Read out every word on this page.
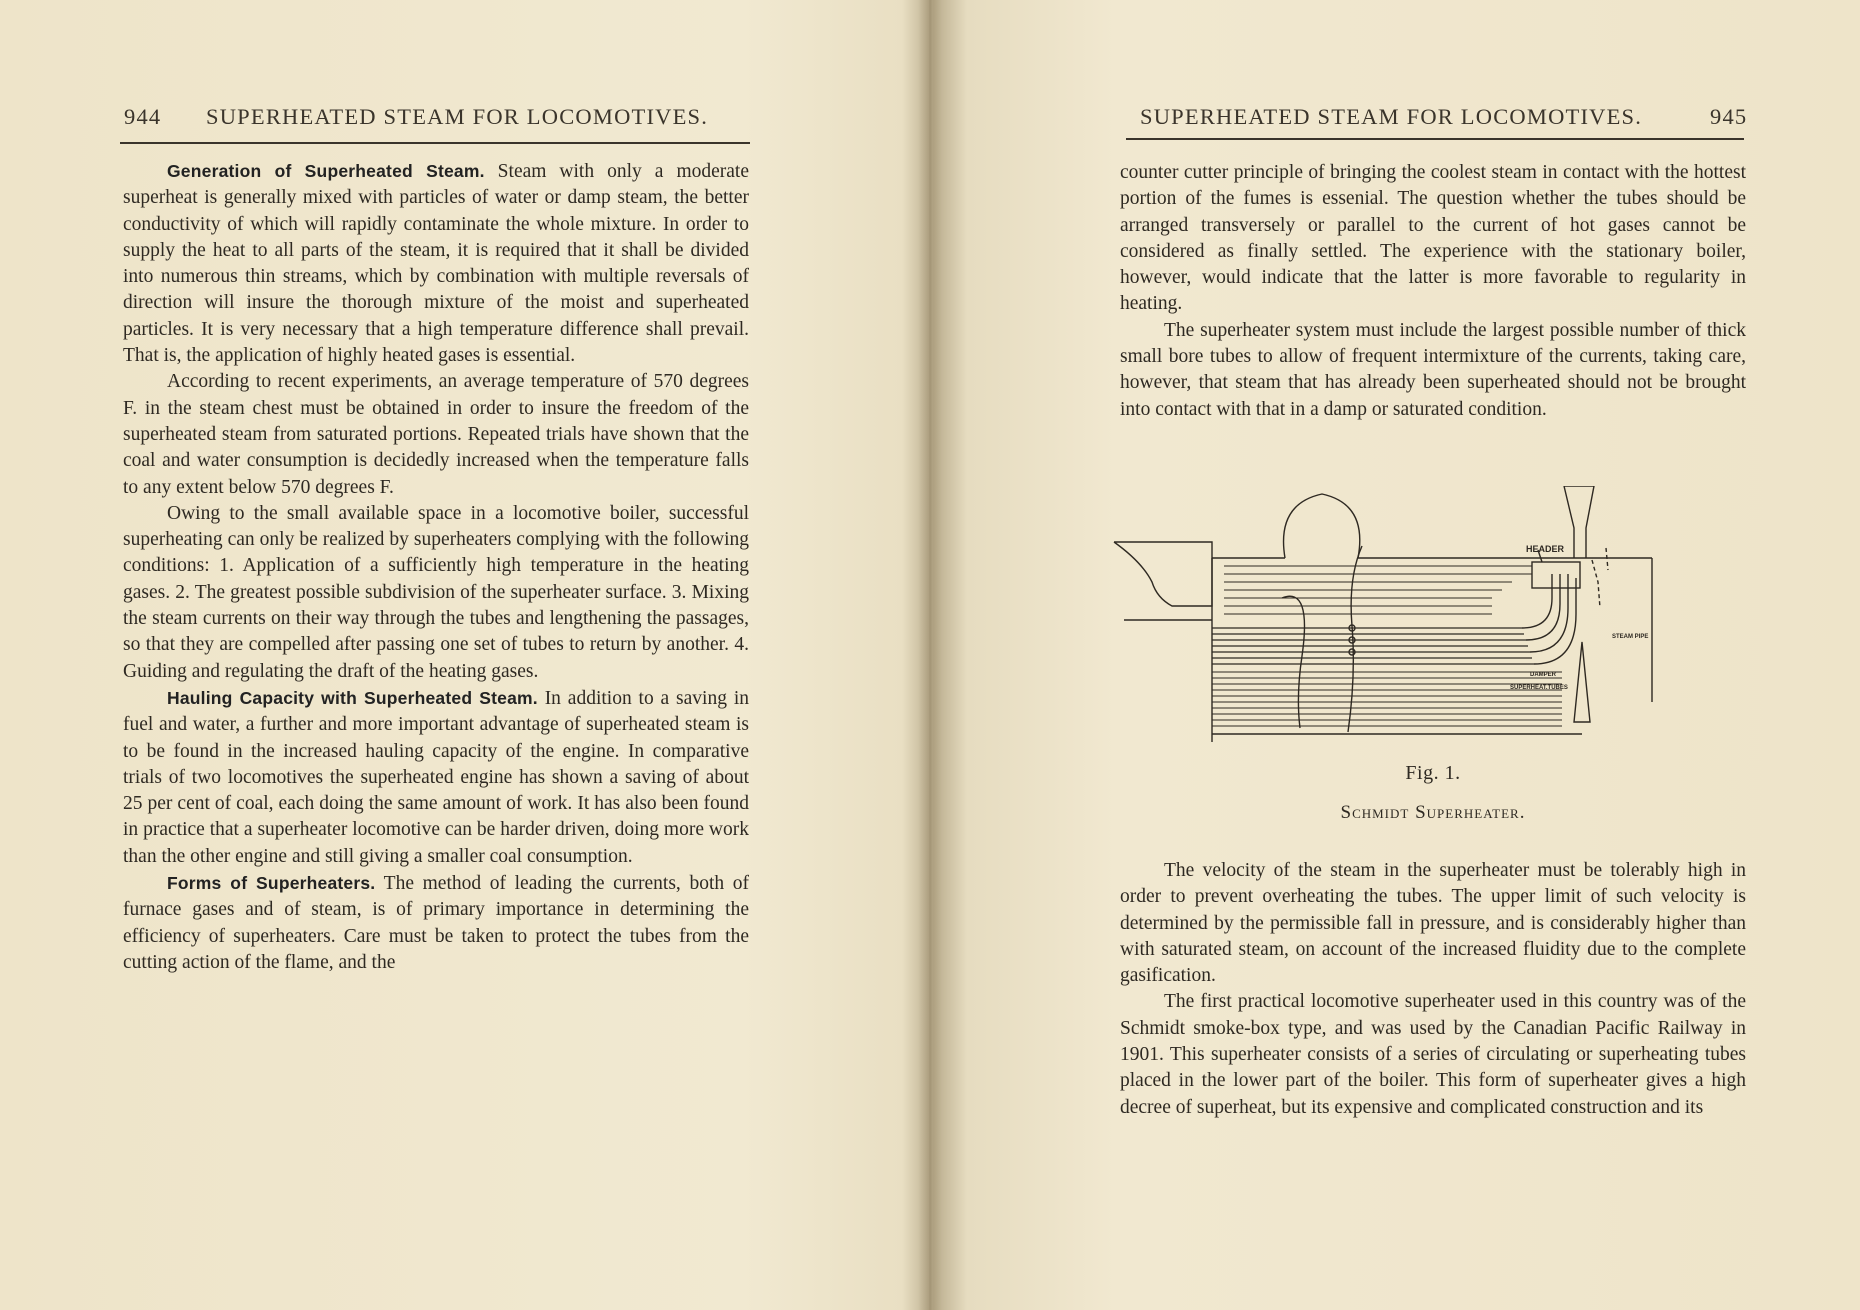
944 SUPERHEATED STEAM FOR LOCOMOTIVES.

Generation of Superheated Steam. Steam with only a moderate superheat is generally mixed with particles of water or damp steam, the better conductivity of which will rapidly contaminate the whole mixture. In order to supply the heat to all parts of the steam, it is required that it shall be divided into numerous thin streams, which by combination with multiple reversals of direction will insure the thorough mixture of the moist and superheated particles. It is very necessary that a high temperature difference shall prevail. That is, the application of highly heated gases is essential.

According to recent experiments, an average temperature of 570 degrees F. in the steam chest must be obtained in order to insure the freedom of the superheated steam from saturated portions. Repeated trials have shown that the coal and water consumption is decidedly increased when the temperature falls to any extent below 570 degrees F.

Owing to the small available space in a locomotive boiler, successful superheating can only be realized by superheaters complying with the following conditions: 1. Application of a sufficiently high temperature in the heating gases. 2. The greatest possible subdivision of the superheater surface. 3. Mixing the steam currents on their way through the tubes and lengthening the passages, so that they are compelled after passing one set of tubes to return by another. 4. Guiding and regulating the draft of the heating gases.

Hauling Capacity with Superheated Steam. In addition to a saving in fuel and water, a further and more important advantage of superheated steam is to be found in the increased hauling capacity of the engine. In comparative trials of two locomotives the superheated engine has shown a saving of about 25 per cent of coal, each doing the same amount of work. It has also been found in practice that a superheater locomotive can be harder driven, doing more work than the other engine and still giving a smaller coal consumption.

Forms of Superheaters. The method of leading the currents, both of furnace gases and of steam, is of primary importance in determining the efficiency of superheaters. Care must be taken to protect the tubes from the cutting action of the flame, and the

SUPERHEATED STEAM FOR LOCOMOTIVES.	945

counter cutter principle of bringing the coolest steam in contact with the hottest portion of the fumes is essenial. The question whether the tubes should be arranged transversely or parallel to the current of hot gases cannot be considered as finally settled. The experience with the stationary boiler, however, would indicate that the latter is more favorable to regularity in heating.

The superheater system must include the largest possible number of thick small bore tubes to allow of frequent intermixture of the currents, taking care, however, that steam that has already been superheated should not be brought into contact with that in a damp or saturated condition.

HEADER
STEAM PIPE
DAMPER
SUPERHEAT.TUBES
Fig. 1.
Schmidt Superheater.

The velocity of the steam in the superheater must be tolerably high in order to prevent overheating the tubes. The upper limit of such velocity is determined by the permissible fall in pressure, and is considerably higher than with saturated steam, on account of the increased fluidity due to the complete gasification.

The first practical locomotive superheater used in this country was of the Schmidt smoke-box type, and was used by the Canadian Pacific Railway in 1901. This superheater consists of a series of circulating or superheating tubes placed in the lower part of the boiler. This form of superheater gives a high decree of superheat, but its expensive and complicated construction and its
